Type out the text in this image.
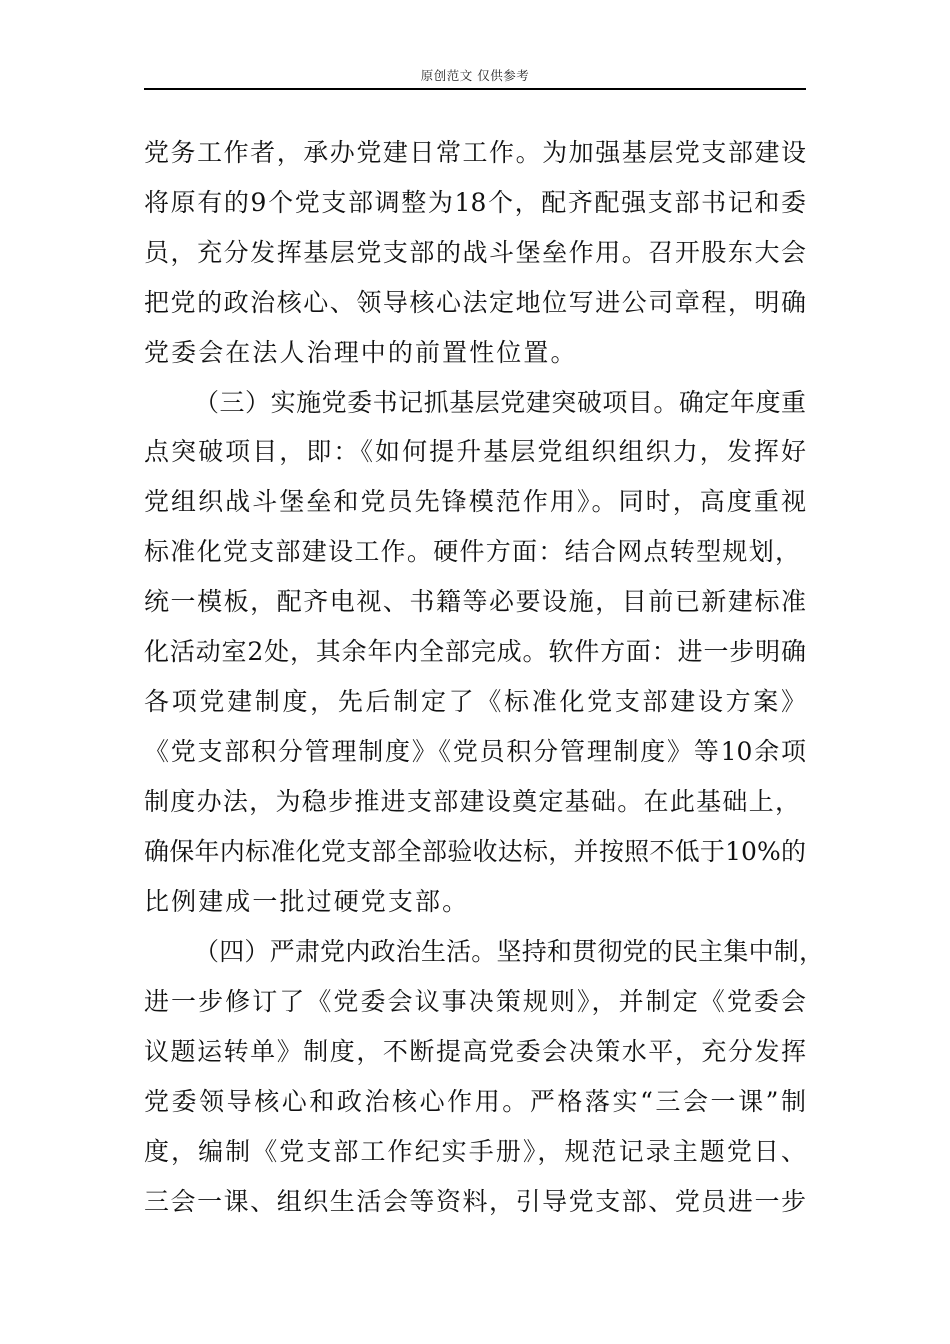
原创范文 仅供参考
党务工作者，承办党建日常工作。为加强基层党支部建设
将原有的9个党支部调整为18个，配齐配强支部书记和委
员，充分发挥基层党支部的战斗堡垒作用。召开股东大会
把党的政治核心、领导核心法定地位写进公司章程，明确
党委会在法人治理中的前置性位置。
（三）实施党委书记抓基层党建突破项目。确定年度重
点突破项目，即：《如何提升基层党组织组织力，发挥好
党组织战斗堡垒和党员先锋模范作用》。同时，高度重视
标准化党支部建设工作。硬件方面：结合网点转型规划，
统一模板，配齐电视、书籍等必要设施，目前已新建标准
化活动室2处，其余年内全部完成。软件方面：进一步明确
各项党建制度，先后制定了《标准化党支部建设方案》
《党支部积分管理制度》《党员积分管理制度》等10余项
制度办法，为稳步推进支部建设奠定基础。在此基础上，
确保年内标准化党支部全部验收达标，并按照不低于10%的
比例建成一批过硬党支部。
（四）严肃党内政治生活。坚持和贯彻党的民主集中制，
进一步修订了《党委会议事决策规则》，并制定《党委会
议题运转单》制度，不断提高党委会决策水平，充分发挥
党委领导核心和政治核心作用。严格落实“三会一课”制
度，编制《党支部工作纪实手册》，规范记录主题党日、
三会一课、组织生活会等资料，引导党支部、党员进一步
